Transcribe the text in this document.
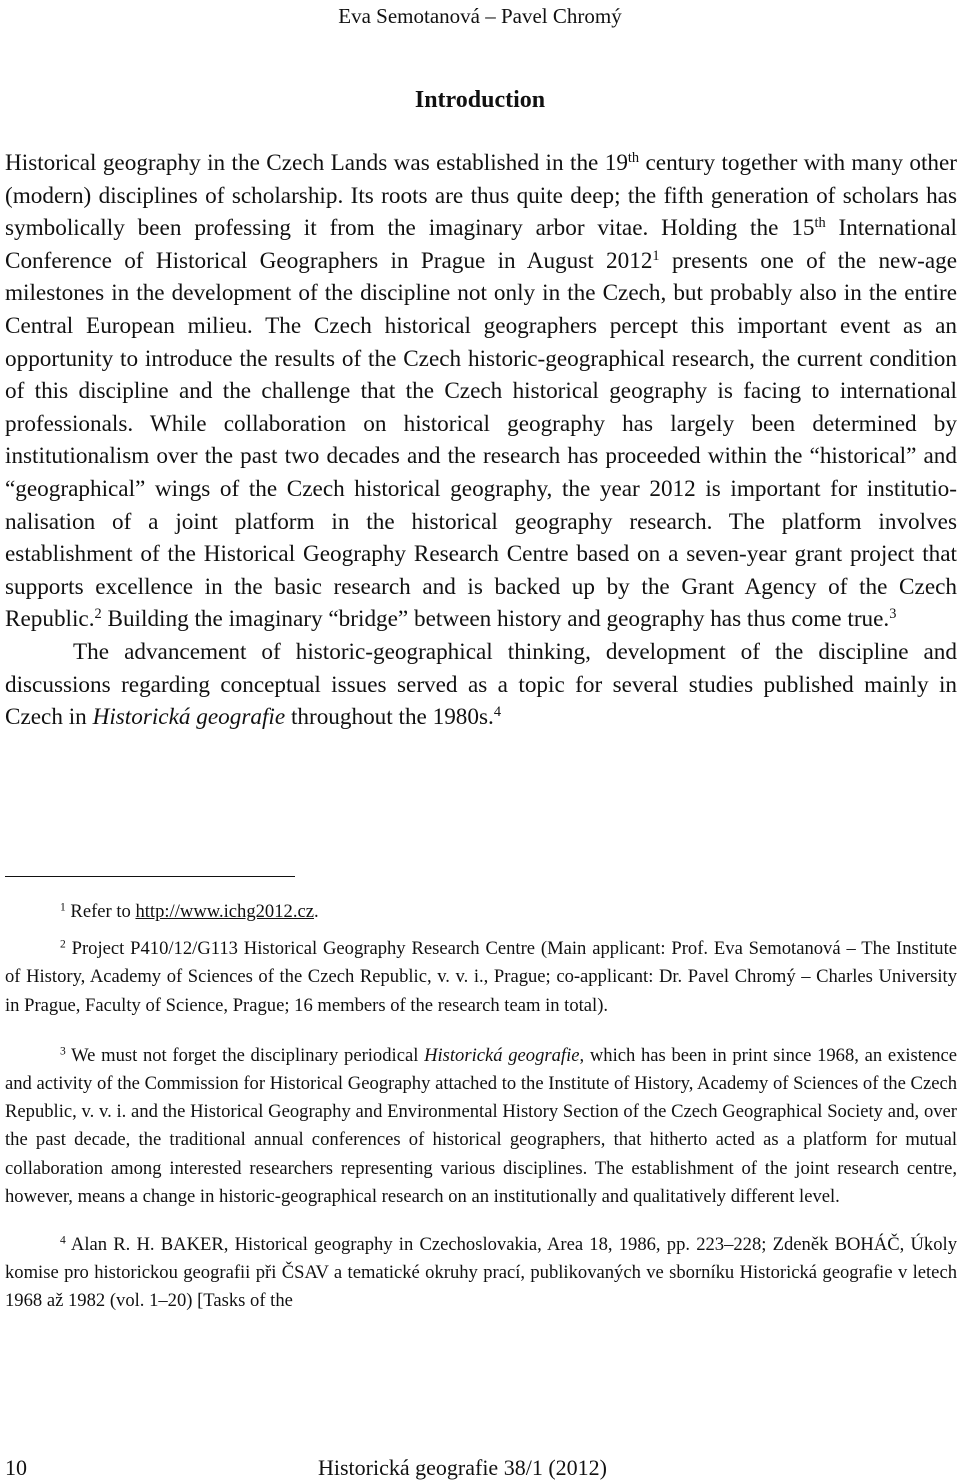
Eva Semotanová – Pavel Chromý
Introduction

Historical geography in the Czech Lands was established in the 19th century together with many other (modern) disciplines of scholarship. Its roots are thus quite deep; the fifth generation of scholars has symbolically been professing it from the imaginary arbor vitae. Holding the 15th International Conference of Historical Geographers in Prague in August 2012$^1$ presents one of the new-age milestones in the development of the discipline not only in the Czech, but probably also in the entire Central European milieu. The Czech historical geographers percept this important event as an opportunity to introduce the results of the Czech historic-geographical research, the current condition of this discipline and the challenge that the Czech historical geography is facing to international professionals. While collaboration on historical geography has largely been determined by institutionalism over the past two decades and the research has proceeded within the “historical” and “geographical” wings of the Czech historical geography, the year 2012 is important for institutionalisation of a joint platform in the historical geography research. The platform involves establishment of the Historical Geography Research Centre based on a seven-year grant project that supports excellence in the basic research and is backed up by the Grant Agency of the Czech Republic.$^2$ Building the imaginary “bridge” between history and geography has thus come true.$^3$

The advancement of historic-geographical thinking, development of the discipline and discussions regarding conceptual issues served as a topic for several studies published mainly in Czech in Historická geografie throughout the 1980s.$^4$

$^1$ Refer to http://www.ichg2012.cz.

$^2$ Project P410/12/G113 Historical Geography Research Centre (Main applicant: Prof. Eva Semotanová – The Institute of History, Academy of Sciences of the Czech Republic, v. v. i., Prague; co-applicant: Dr. Pavel Chromý – Charles University in Prague, Faculty of Science, Prague; 16 members of the research team in total).

$^3$ We must not forget the disciplinary periodical Historická geografie, which has been in print since 1968, an existence and activity of the Commission for Historical Geography attached to the Institute of History, Academy of Sciences of the Czech Republic, v. v. i. and the Historical Geography and Environmental History Section of the Czech Geographical Society and, over the past decade, the traditional annual conferences of historical geographers, that hitherto acted as a platform for mutual collaboration among interested researchers representing various disciplines. The establishment of the joint research centre, however, means a change in historic-geographical research on an institutionally and qualitatively different level.

$^4$ Alan R. H. BAKER, Historical geography in Czechoslovakia, Area 18, 1986, pp. 223–228; Zdeněk BOHÁČ, Úkoly komise pro historickou geografii při ČSAV a tematické okruhy prací, publikovaných ve sborníku Historická geografie v letech 1968 až 1982 (vol. 1–20) [Tasks of the

10	Historická geografie 38/1 (2012)
